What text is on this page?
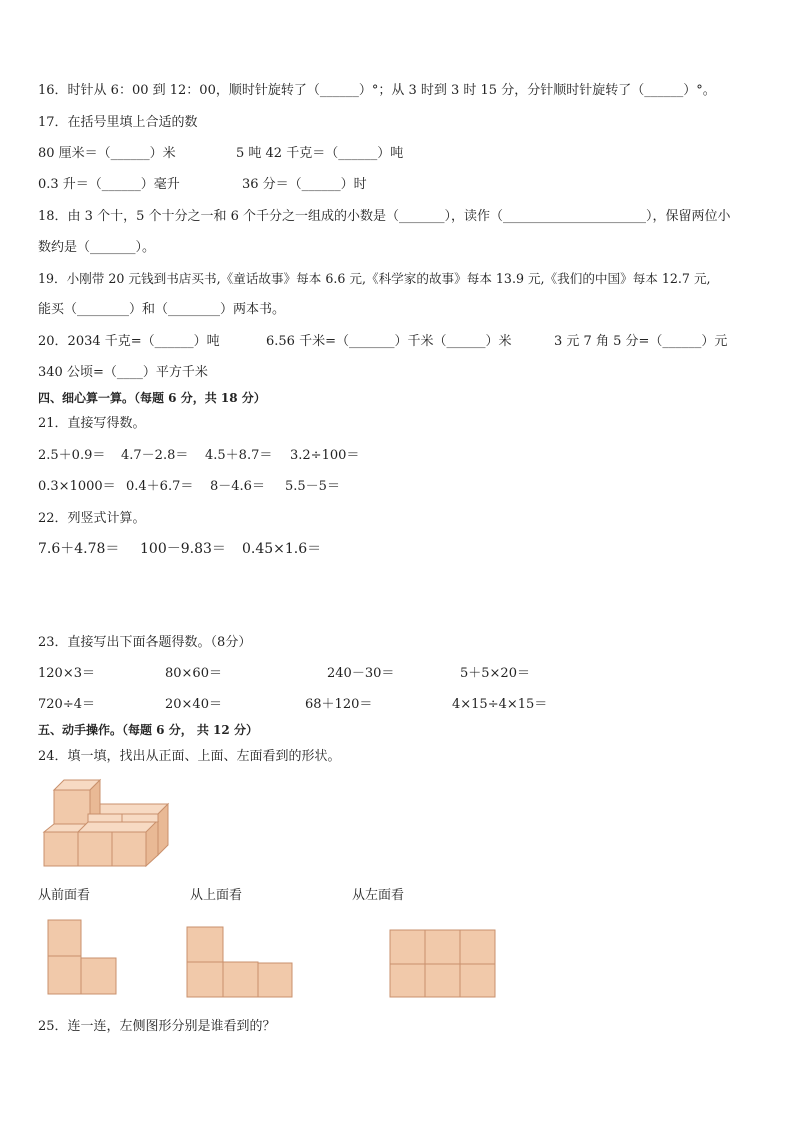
16．时针从 6：00 到 12：00，顺时针旋转了（______）°；从 3 时到 3 时 15 分，分针顺时针旋转了（______）°。
17．在括号里填上合适的数
80 厘米＝（______）米	5 吨 42 千克＝（______）吨
0.3 升＝（______）毫升	36 分＝（______）时
18．由 3 个十，5 个十分之一和 6 个千分之一组成的小数是（_______），读作（______________________），保留两位小
数约是（_______）。
19．小刚带 20 元钱到书店买书,《童话故事》每本 6.6 元,《科学家的故事》每本 13.9 元,《我们的中国》每本 12.7 元,
能买（________）和（________）两本书。
20．2034 千克=（______）吨	6.56 千米=（_______）千米（______）米	3 元 7 角 5 分=（______）元
340 公顷=（____）平方千米
四、细心算一算。（每题 6 分，共 18 分）
21．直接写得数。
2.5＋0.9＝ 4.7－2.8＝ 4.5＋8.7＝ 3.2÷100＝
0.3×1000＝ 0.4＋6.7＝ 8－4.6＝ 5.5－5＝
22．列竖式计算。
7.6＋4.78＝ 100－9.83＝ 0.45×1.6＝
23．直接写出下面各题得数。（8分）
120×3＝	80×60＝	240－30＝	5＋5×20＝
720÷4＝	20×40＝	68＋120＝	4×15÷4×15＝
五、动手操作。（每题 6 分， 共 12 分）
24．填一填，找出从正面、上面、左面看到的形状。
从前面看	从上面看	从左面看
25．连一连，左侧图形分别是谁看到的？
